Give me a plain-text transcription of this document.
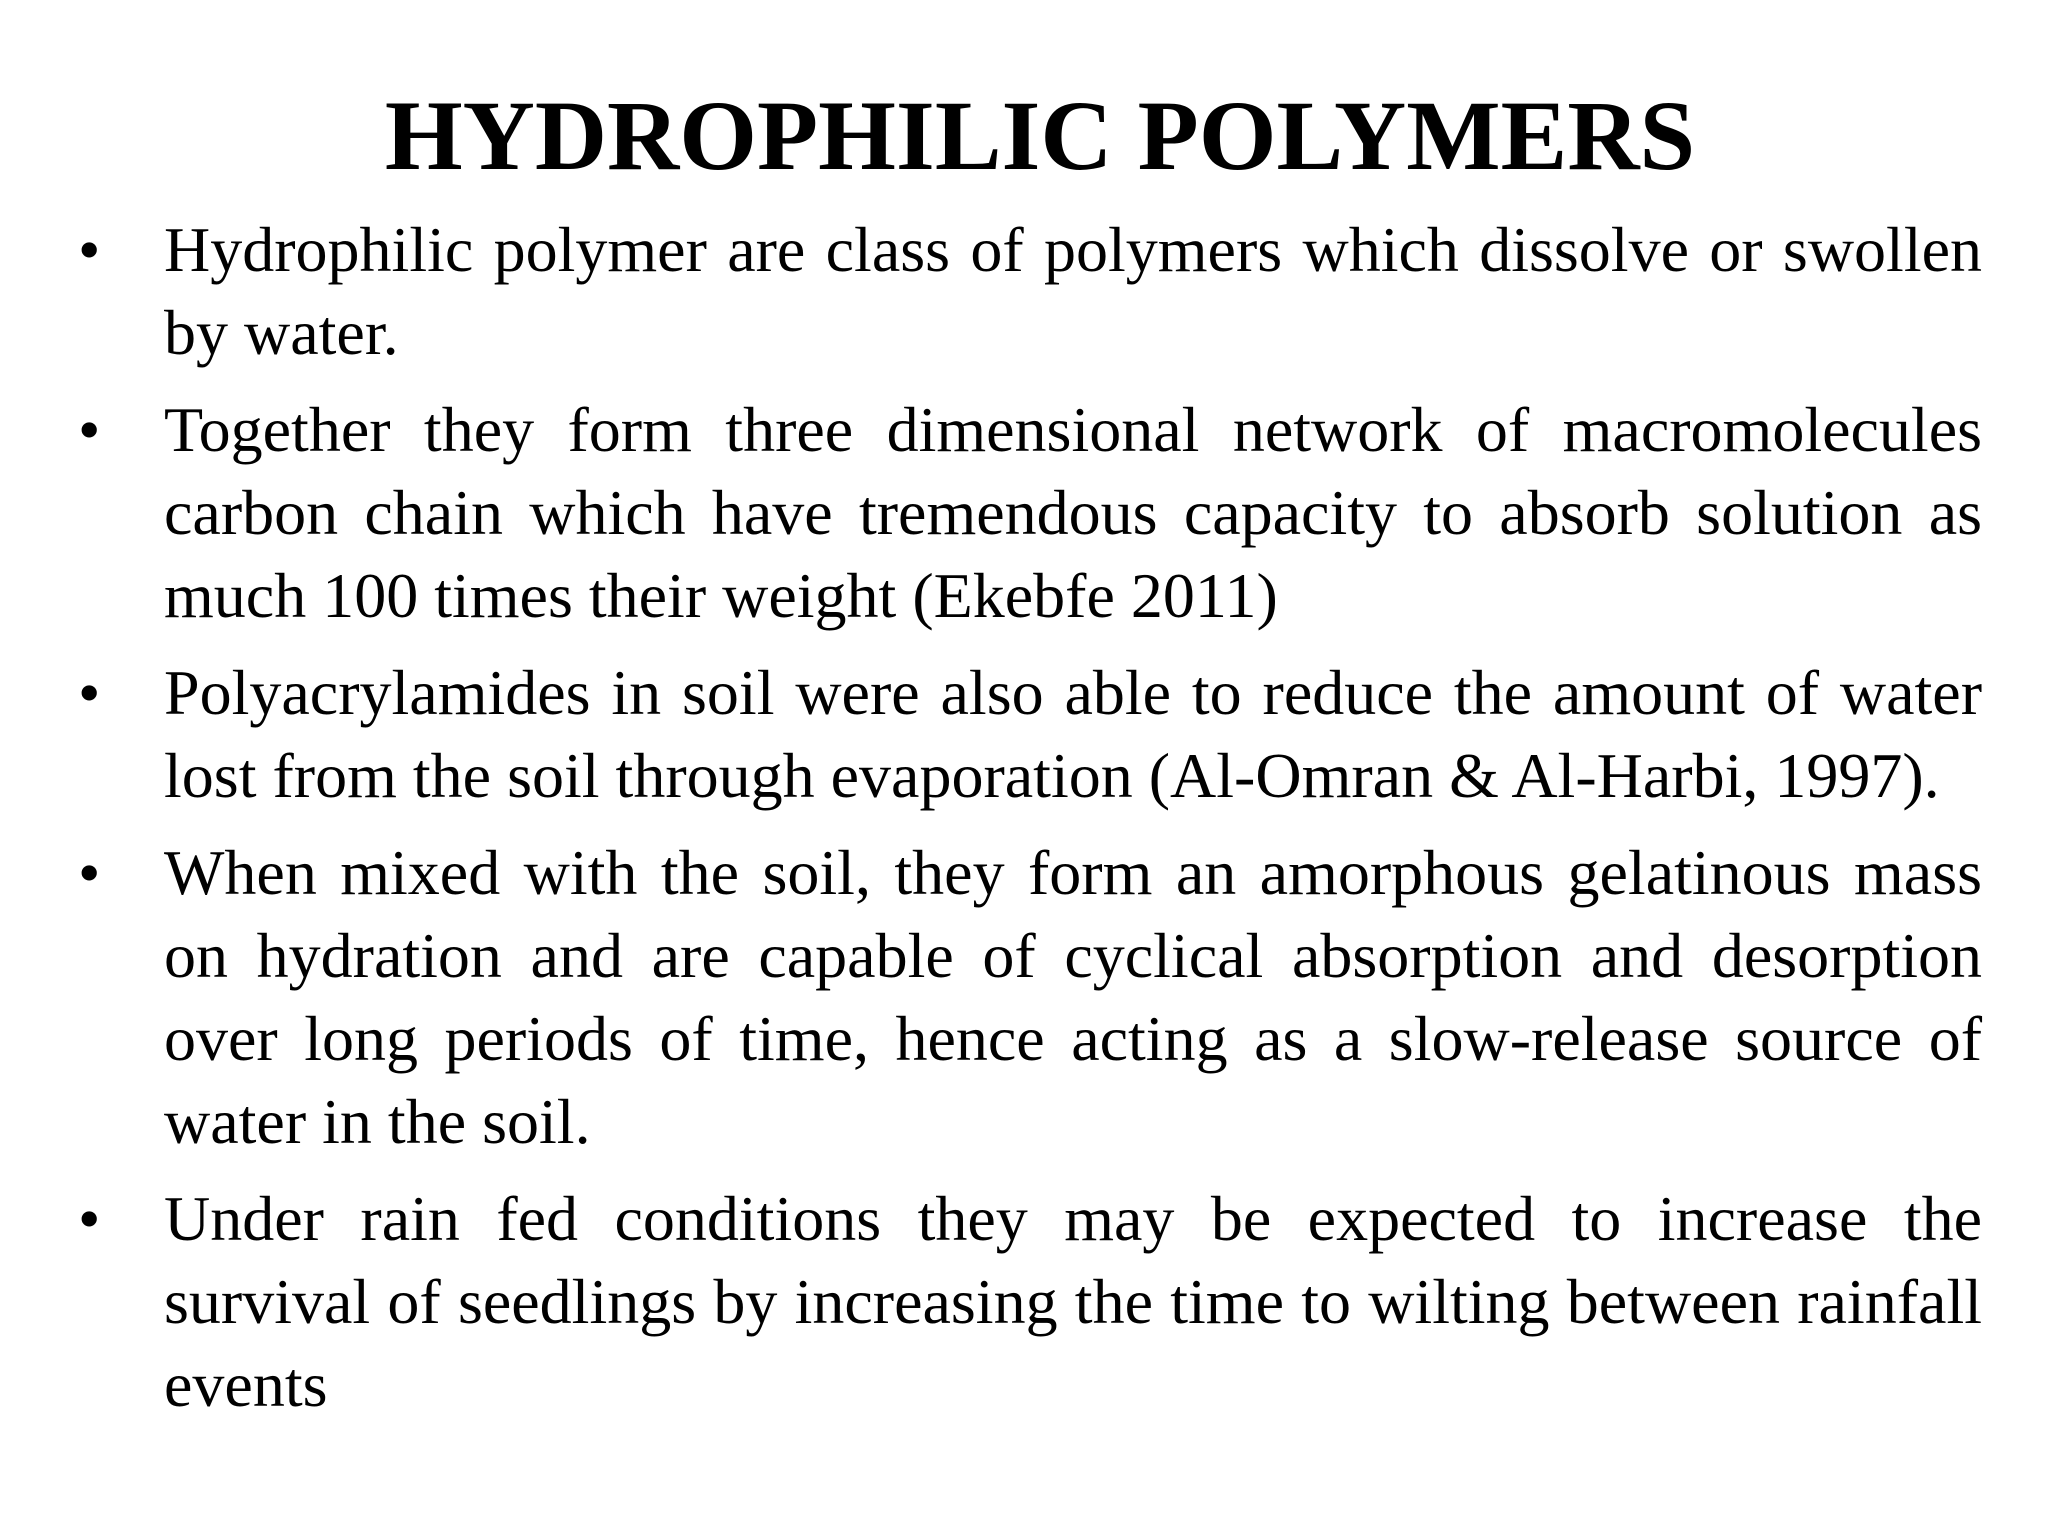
HYDROPHILIC POLYMERS
• Hydrophilic polymer are class of polymers which dissolve or swollen by water.
• Together they form three dimensional network of macromolecules carbon chain which have tremendous capacity to absorb solution as much 100 times their weight (Ekebfe 2011)
• Polyacrylamides in soil were also able to reduce the amount of water lost from the soil through evaporation (Al-Omran & Al-Harbi, 1997).
• When mixed with the soil, they form an amorphous gelatinous mass on hydration and are capable of cyclical absorption and desorption over long periods of time, hence acting as a slow-release source of water in the soil.
• Under rain fed conditions they may be expected to increase the survival of seedlings by increasing the time to wilting between rainfall events
